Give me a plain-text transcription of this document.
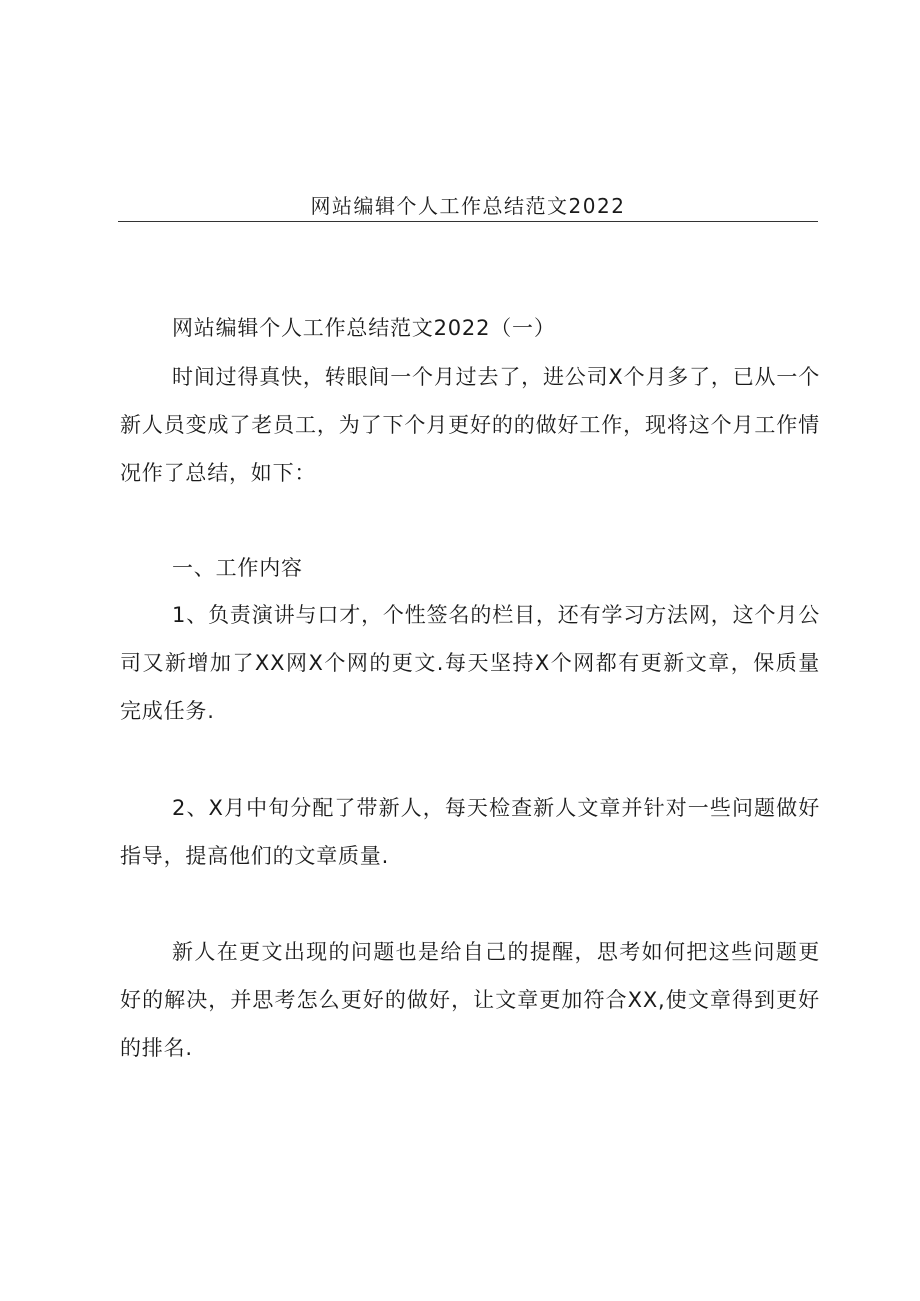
网站编辑个人工作总结范文2022

网站编辑个人工作总结范文2022（一）

时间过得真快，转眼间一个月过去了，进公司X个月多了，已从一个新人员变成了老员工，为了下个月更好的的做好工作，现将这个月工作情况作了总结，如下：

一、工作内容

1、负责演讲与口才，个性签名的栏目，还有学习方法网，这个月公司又新增加了XX网X个网的更文.每天坚持X个网都有更新文章，保质量完成任务.

2、X月中旬分配了带新人，每天检查新人文章并针对一些问题做好指导，提高他们的文章质量.

新人在更文出现的问题也是给自己的提醒，思考如何把这些问题更好的解决，并思考怎么更好的做好，让文章更加符合XX,使文章得到更好的排名.
